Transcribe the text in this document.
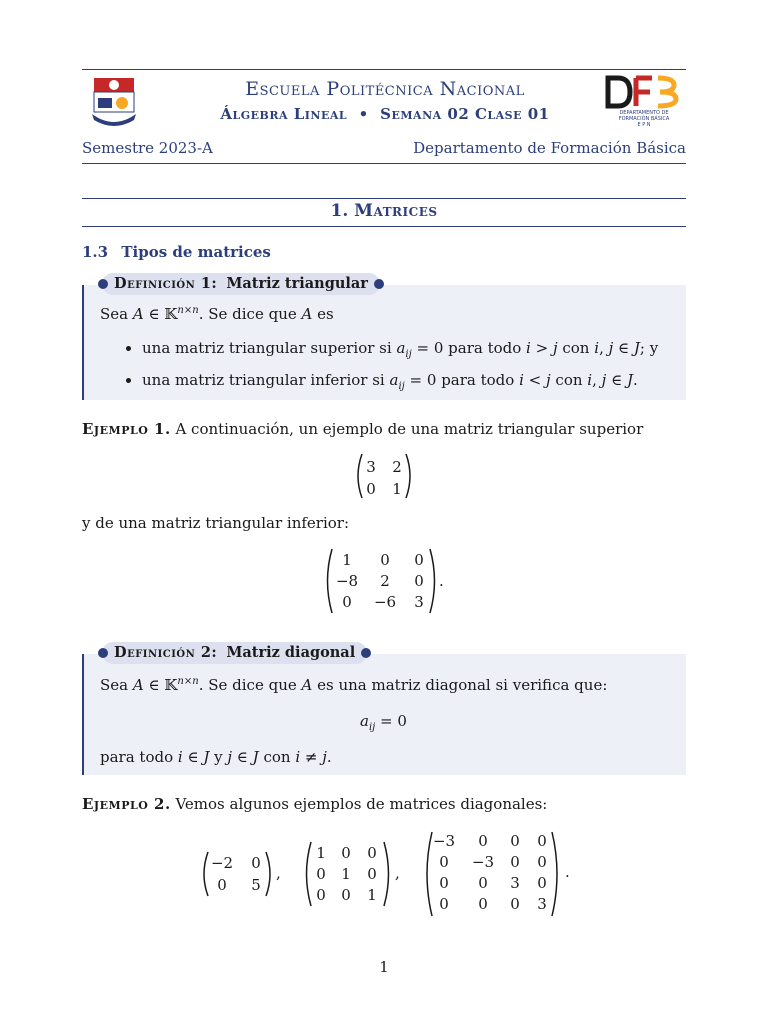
Escuela Politécnica Nacional
Álgebra Lineal  •  Semana 02 Clase 01	DEPARTAMENTO DE FORMACIÓN BÁSICA
E P N
Semestre 2023-A	Departamento de Formación Básica
1. Matrices
1.3 Tipos de matrices
Definición 1: Matriz triangular
Sea A ∈ 𝕂$^{n\times n}$. Se dice que A es
una matriz triangular superior si $a_{ij} = 0$ para todo i > j con i, j ∈ J; y
una matriz triangular inferior si $a_{ij} = 0$ para todo i < j con i, j ∈ J.
Ejemplo 1. A continuación, un ejemplo de una matriz triangular superior
3	2
0	1
y de una matriz triangular inferior:
1	0	0
−8	2	0
0	−6	3
.
Definición 2: Matriz diagonal
Sea A ∈ 𝕂$^{n\times n}$. Se dice que A es una matriz diagonal si verifica que:
$a_{ij} = 0$
para todo i ∈ J y j ∈ J con i ≠ j.
Ejemplo 2. Vemos algunos ejemplos de matrices diagonales:
−2	0
0	5
,
1	0	0
0	1	0
0	0	1
,
−3	0	0	0
0	−3	0	0
0	0	3	0
0	0	0	3
.
1
